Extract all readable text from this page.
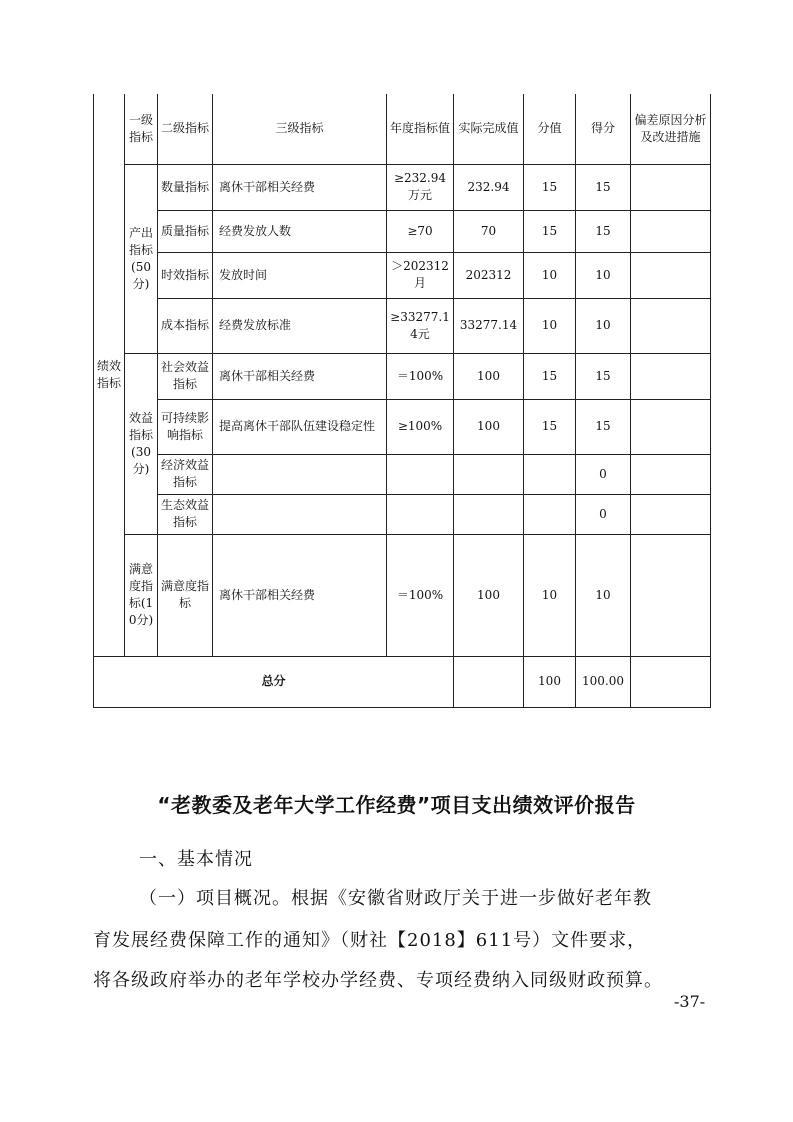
绩效指标	一级指标	二级指标	三级指标	年度指标值	实际完成值	分值	得分	偏差原因分析及改进措施
	产出指标(50分)	数量指标	离休干部相关经费	≥232.94万元	232.94	15	15	
		质量指标	经费发放人数	≥70	70	15	15	
		时效指标	发放时间	＞202312月	202312	10	10	
		成本指标	经费发放标准	≥33277.14元	33277.14	10	10	
	效益指标(30分)	社会效益指标	离休干部相关经费	＝100%	100	15	15	
		可持续影响指标	提高离休干部队伍建设稳定性	≥100%	100	15	15	
		经济效益指标					0	
		生态效益指标					0	
	满意度指标(10分)	满意度指标	离休干部相关经费	＝100%	100	10	10	
总分						100	100.00	
“老教委及老年大学工作经费”项目支出绩效评价报告
一、基本情况
（一）项目概况。根据《安徽省财政厅关于进一步做好老年教
育发展经费保障工作的通知》（财社【2018】611号）文件要求，
将各级政府举办的老年学校办学经费、专项经费纳入同级财政预算。
-37-
